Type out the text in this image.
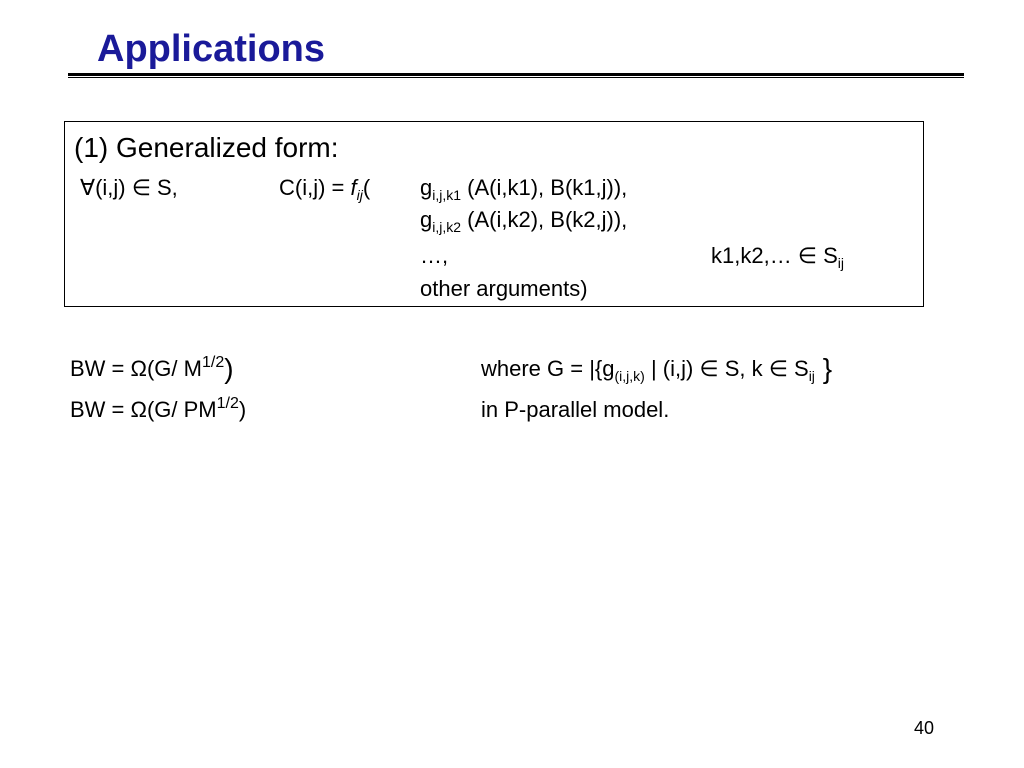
Applications
(1) Generalized form:
∀(i,j) ∈ S,	$C(i,j) = f_{ij}$( $g_{i,j,k1}$ (A(i,k1), B(k1,j)),
$g_{i,j,k2}$ (A(i,k2), B(k2,j)),
…,	k1,k2,… ∈ $S_{ij}$
other arguments)
BW = Ω(G/ $M^{1/2}$)	where $G = |\{g_{(i,j,k)}$ | (i,j) ∈ S, k ∈ $S_{ij}$ }
BW = Ω(G/ $PM^{1/2}$)	in P-parallel model.
40
